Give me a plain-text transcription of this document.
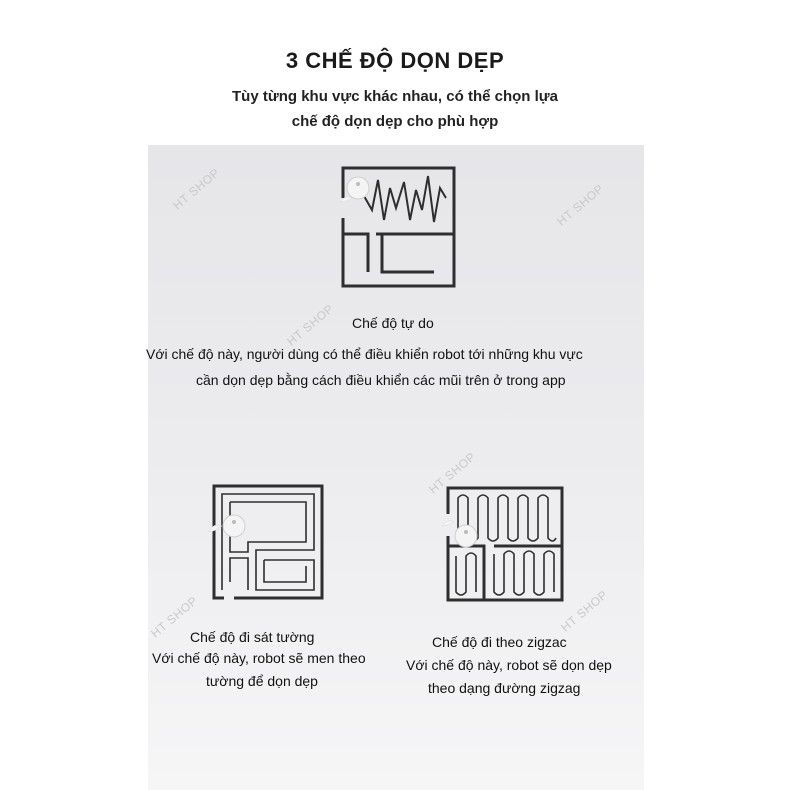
3 CHẾ ĐỘ DỌN DẸP
Tùy từng khu vực khác nhau, có thể chọn lựa
chế độ dọn dẹp cho phù hợp
HT SHOP	HT SHOP
HT SHOP
HT SHOP
HT SHOP	HT SHOP
Chế độ tự do
Với chế độ này, người dùng có thể điều khiển robot tới những khu vực
cần dọn dẹp bằng cách điều khiển các mũi trên ở trong app
Chế độ đi sát tường
Với chế độ này, robot sẽ men theo
tường để dọn dẹp
Chế độ đi theo zigzac
Với chế độ này, robot sẽ dọn dẹp
theo dạng đường zigzag
